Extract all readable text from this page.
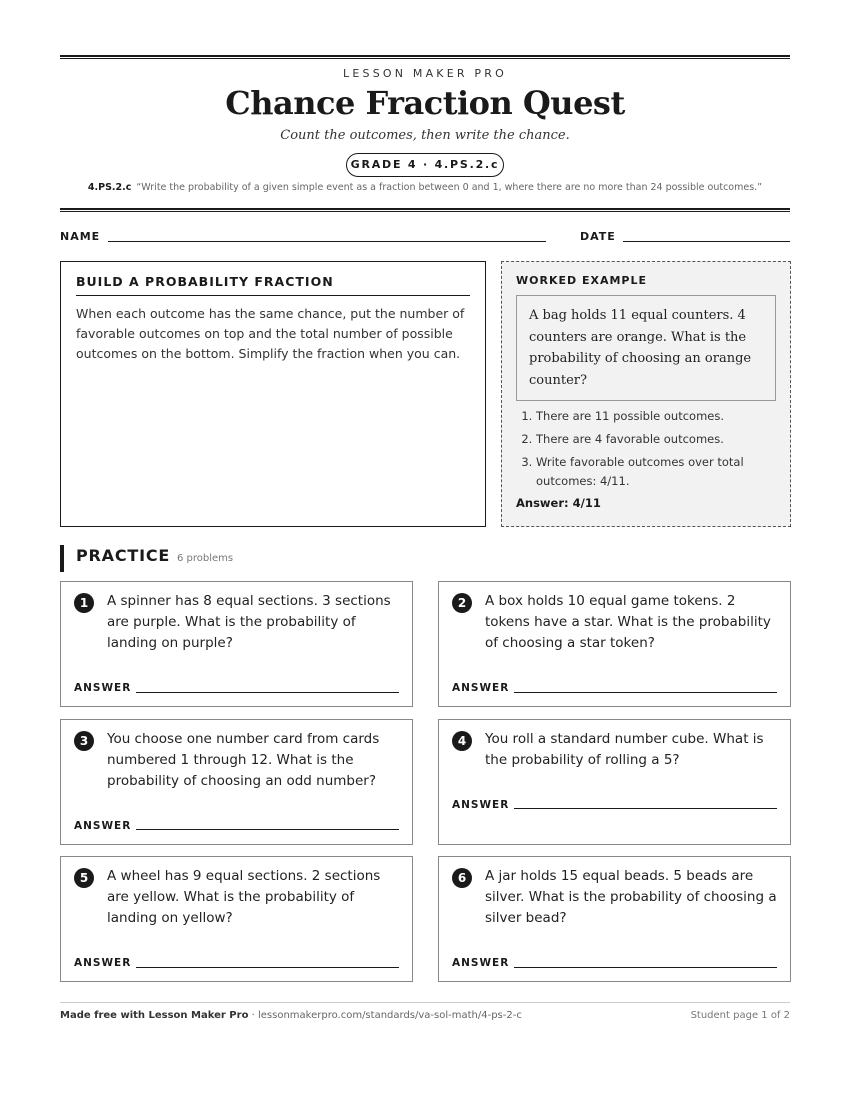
LESSON MAKER PRO
Chance Fraction Quest
Count the outcomes, then write the chance.
GRADE 4 · 4.PS.2.c
4.PS.2.c “Write the probability of a given simple event as a fraction between 0 and 1, where there are no more than 24 possible outcomes.”
NAME	DATE
BUILD A PROBABILITY FRACTION
When each outcome has the same chance, put the number of favorable outcomes on top and the total number of possible outcomes on the bottom. Simplify the fraction when you can.
WORKED EXAMPLE
A bag holds 11 equal counters. 4 counters are orange. What is the probability of choosing an orange counter?
1. There are 11 possible outcomes.
2. There are 4 favorable outcomes.
3. Write favorable outcomes over total outcomes: 4/11.
Answer: 4/11
PRACTICE 6 problems
1	A spinner has 8 equal sections. 3 sections are purple. What is the probability of landing on purple?
ANSWER
2	A box holds 10 equal game tokens. 2 tokens have a star. What is the probability of choosing a star token?
ANSWER
3	You choose one number card from cards numbered 1 through 12. What is the probability of choosing an odd number?
ANSWER
4	You roll a standard number cube. What is the probability of rolling a 5?
ANSWER
5	A wheel has 9 equal sections. 2 sections are yellow. What is the probability of landing on yellow?
ANSWER
6	A jar holds 15 equal beads. 5 beads are silver. What is the probability of choosing a silver bead?
ANSWER
Made free with Lesson Maker Pro · lessonmakerpro.com/standards/va-sol-math/4-ps-2-c	Student page 1 of 2
